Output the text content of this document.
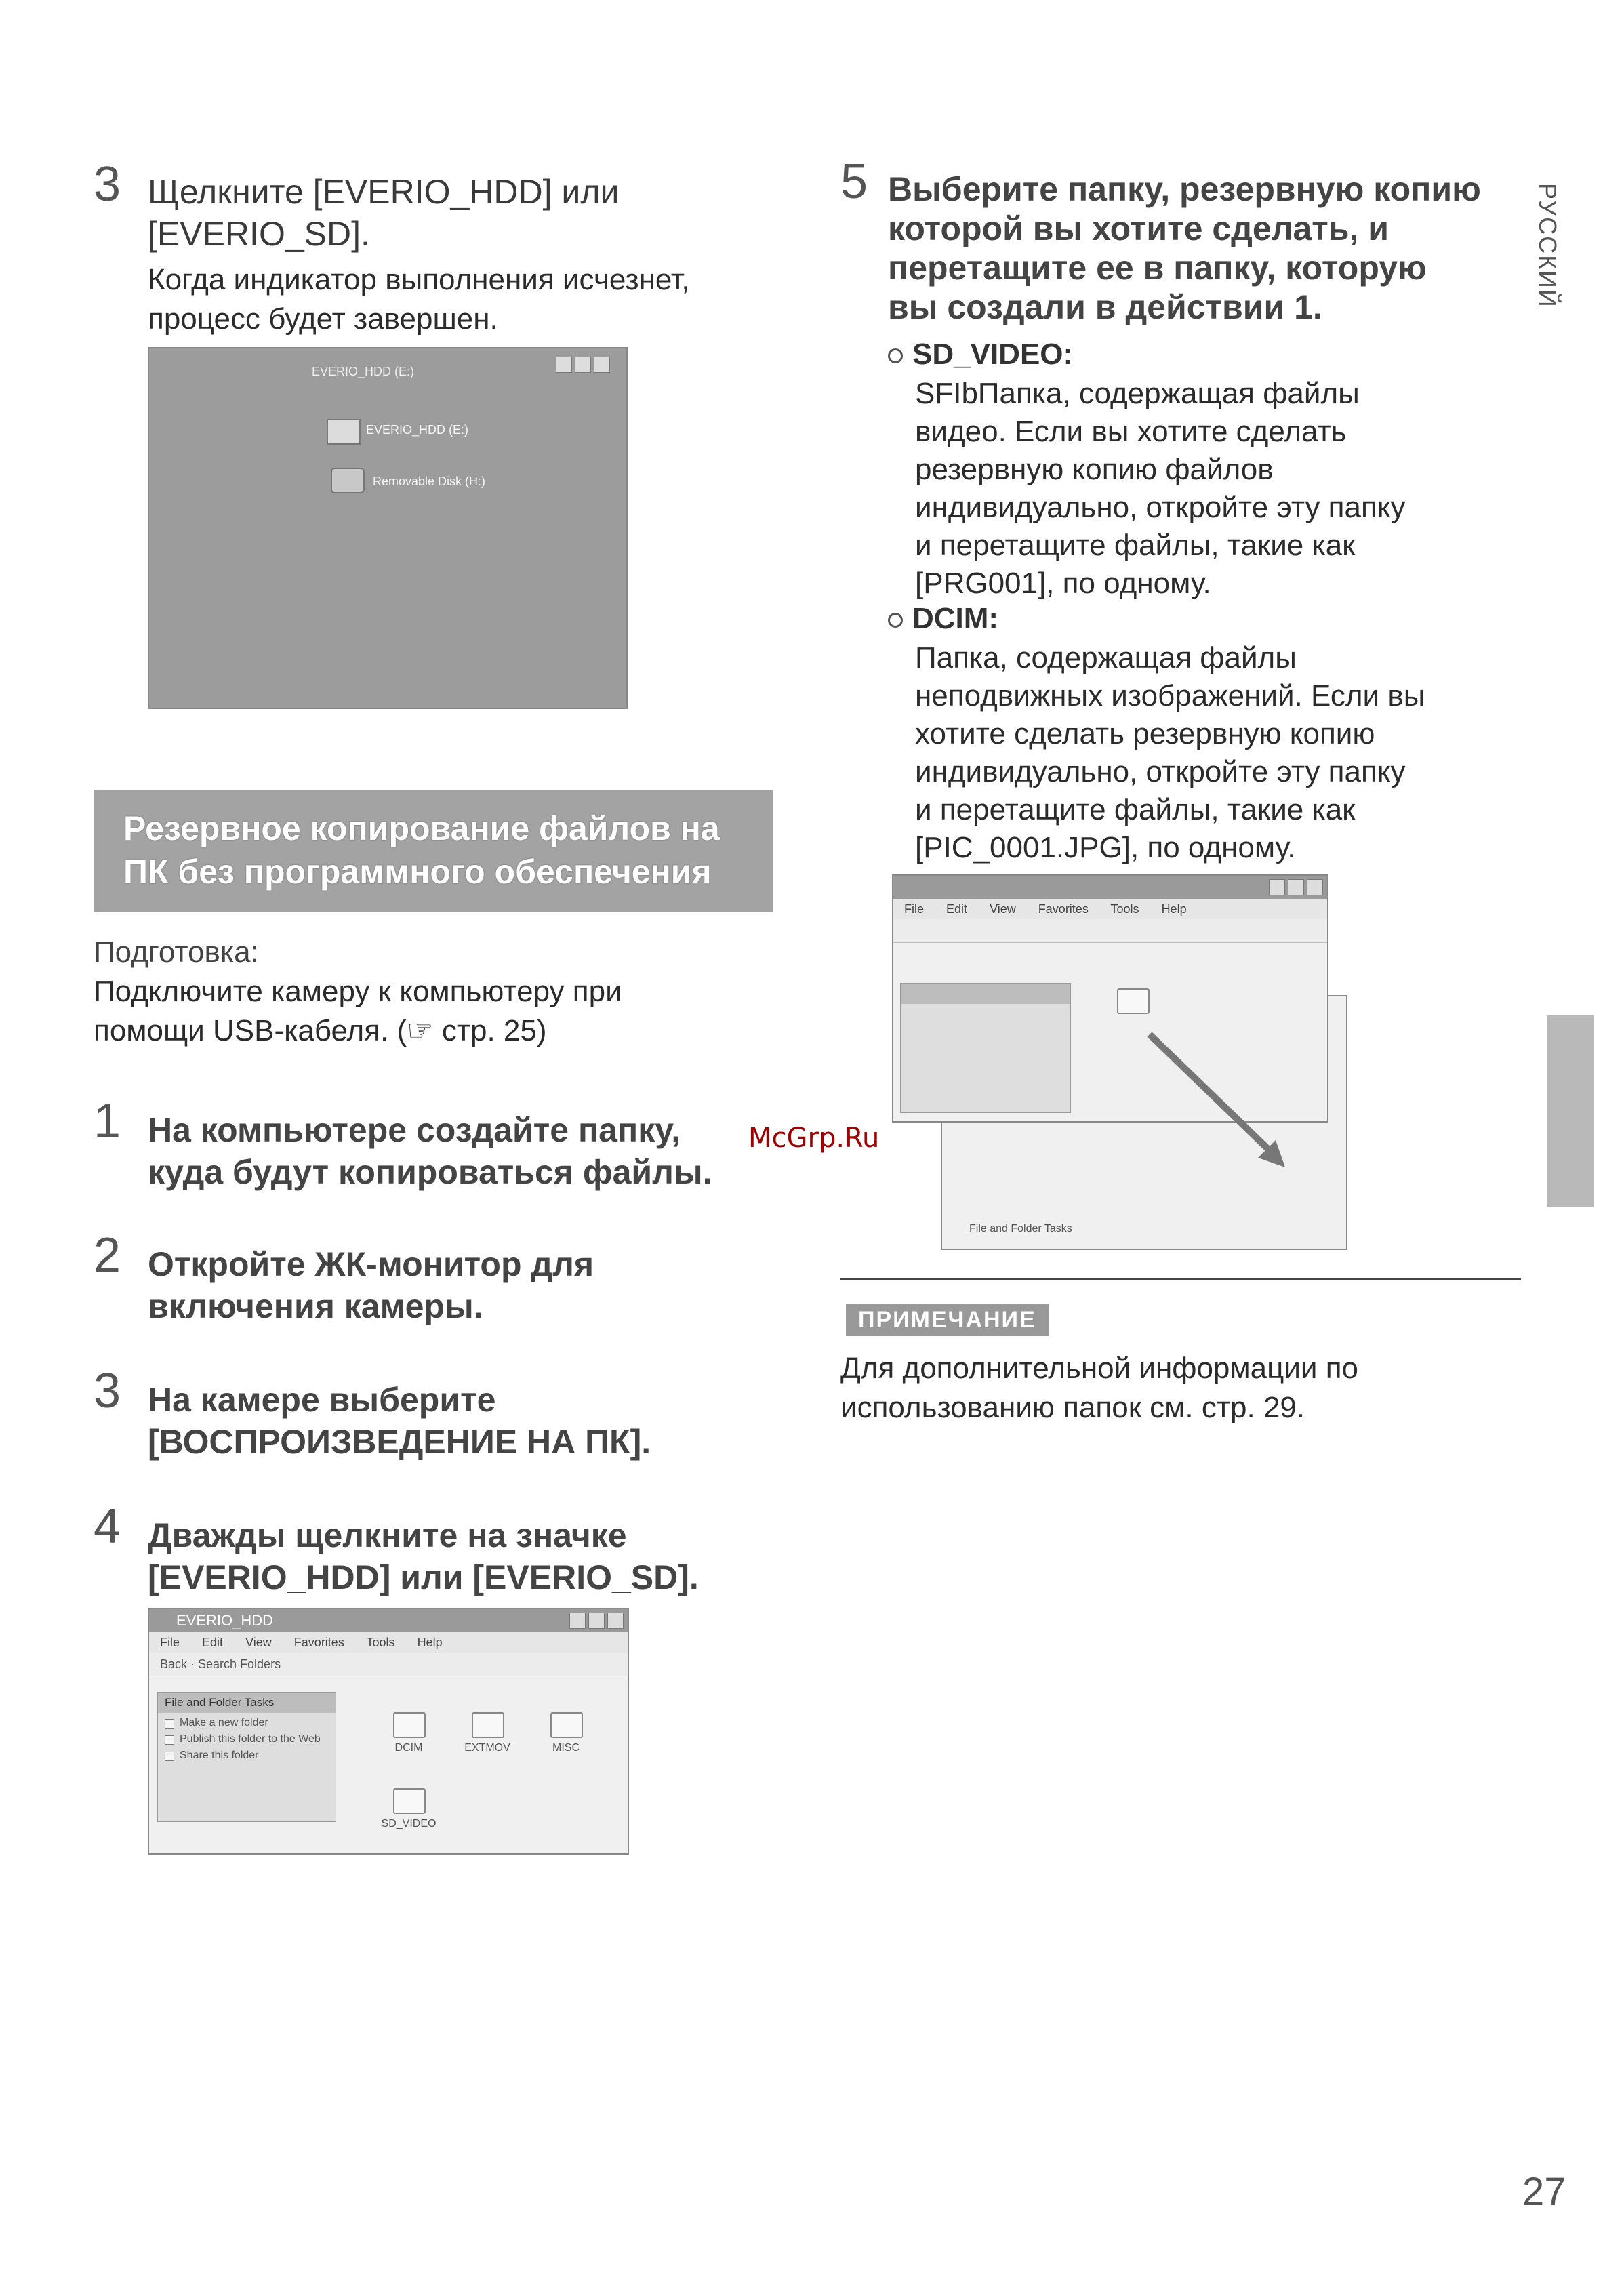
3 Щелкните [EVERIO_HDD] или
[EVERIO_SD].
Когда индикатор выполнения исчезнет,
процесс будет завершен.
EVERIO_HDD (E:)
EVERIO_HDD (E:)
Removable Disk (H:)
Резервное копирование файлов на
ПК без программного обеспечения
Подготовка:
Подключите камеру к компьютеру при
помощи USB-кабеля. (☞ стр. 25)
1 На компьютере создайте папку,
куда будут копироваться файлы.
2 Откройте ЖК-монитор для
включения камеры.
3 На камере выберите
[ВОСПРОИЗВЕДЕНИЕ НА ПК].
4 Дважды щелкните на значке
[EVERIO_HDD] или [EVERIO_SD].
EVERIO_HDD
File Edit View Favorites Tools Help
Back · Search Folders
File and Folder Tasks
Make a new folder
Publish this folder to the Web
Share this folder
DCIM	EXTMOV	MISC
SD_VIDEO
5 Выберите папку, резервную копию
которой вы хотите сделать, и
перетащите ее в папку, которую
вы создали в действии 1.
SD_VIDEO:
SFIbПапка, содержащая файлы
видео. Если вы хотите сделать
резервную копию файлов
индивидуально, откройте эту папку
и перетащите файлы, такие как
[PRG001], по одному.
DCIM:
Папка, содержащая файлы
неподвижных изображений. Если вы
хотите сделать резервную копию
индивидуально, откройте эту папку
и перетащите файлы, такие как
[PIC_0001.JPG], по одному.
File and Folder Tasks
File Edit View Favorites Tools Help
ПРИМЕЧАНИЕ
Для дополнительной информации по
использованию папок см. стр. 29.
РУССКИЙ
McGrp.Ru
27
